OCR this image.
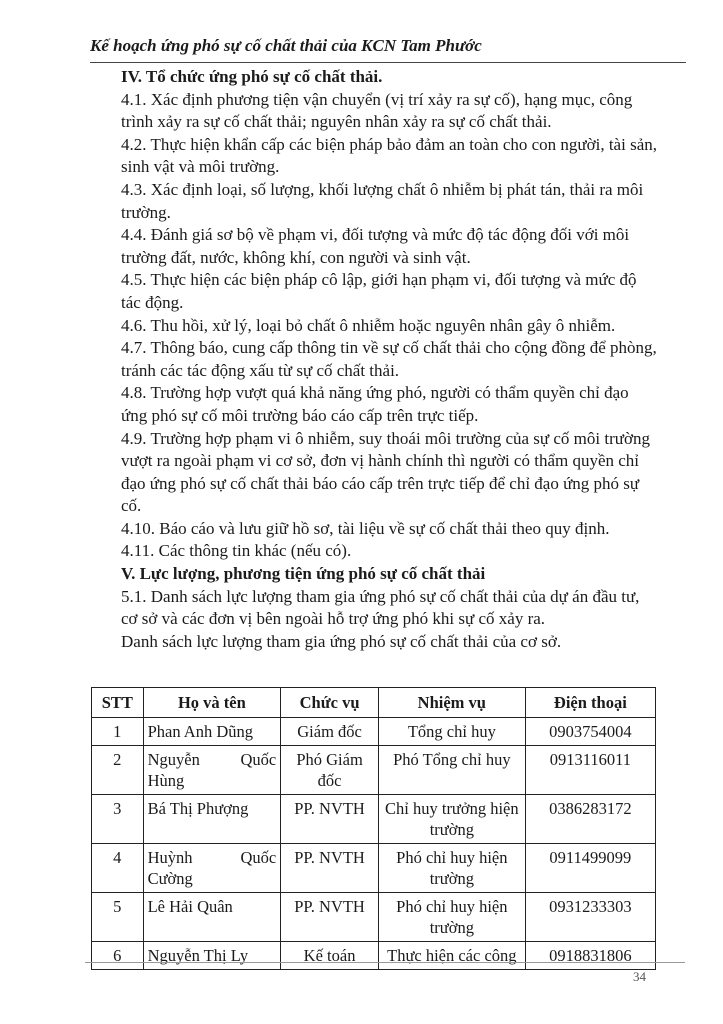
Kế hoạch ứng phó sự cố chất thải của KCN Tam Phước

IV. Tổ chức ứng phó sự cố chất thải.

4.1. Xác định phương tiện vận chuyển (vị trí xảy ra sự cố), hạng mục, công trình xảy ra sự cố chất thải; nguyên nhân xảy ra sự cố chất thải.

4.2. Thực hiện khẩn cấp các biện pháp bảo đảm an toàn cho con người, tài sản, sinh vật và môi trường.

4.3. Xác định loại, số lượng, khối lượng chất ô nhiễm bị phát tán, thải ra môi trường.

4.4. Đánh giá sơ bộ về phạm vi, đối tượng và mức độ tác động đối với môi trường đất, nước, không khí, con người và sinh vật.

4.5. Thực hiện các biện pháp cô lập, giới hạn phạm vi, đối tượng và mức độ tác động.

4.6. Thu hồi, xử lý, loại bỏ chất ô nhiễm hoặc nguyên nhân gây ô nhiễm.

4.7. Thông báo, cung cấp thông tin về sự cố chất thải cho cộng đồng để phòng, tránh các tác động xấu từ sự cố chất thải.

4.8. Trường hợp vượt quá khả năng ứng phó, người có thẩm quyền chỉ đạo ứng phó sự cố môi trường báo cáo cấp trên trực tiếp.

4.9. Trường hợp phạm vi ô nhiễm, suy thoái môi trường của sự cố môi trường vượt ra ngoài phạm vi cơ sở, đơn vị hành chính thì người có thẩm quyền chỉ đạo ứng phó sự cố chất thải báo cáo cấp trên trực tiếp để chỉ đạo ứng phó sự cố.

4.10. Báo cáo và lưu giữ hồ sơ, tài liệu về sự cố chất thải theo quy định.

4.11. Các thông tin khác (nếu có).

V. Lực lượng, phương tiện ứng phó sự cố chất thải

5.1. Danh sách lực lượng tham gia ứng phó sự cố chất thải của dự án đầu tư, cơ sở và các đơn vị bên ngoài hỗ trợ ứng phó khi sự cố xảy ra.

Danh sách lực lượng tham gia ứng phó sự cố chất thải của cơ sở.

STT	Họ và tên	Chức vụ	Nhiệm vụ	Điện thoại
1	Phan Anh Dũng	Giám đốc	Tổng chỉ huy	0903754004
2	Nguyễn Quốc Hùng	Phó Giám đốc	Phó Tổng chỉ huy	0913116011
3	Bá Thị Phượng	PP. NVTH	Chỉ huy trưởng hiện trường	0386283172
4	Huỳnh Quốc Cường	PP. NVTH	Phó chỉ huy hiện trường	0911499099
5	Lê Hải Quân	PP. NVTH	Phó chỉ huy hiện trường	0931233303
6	Nguyễn Thị Ly	Kế toán	Thực hiện các công	0918831806
34
